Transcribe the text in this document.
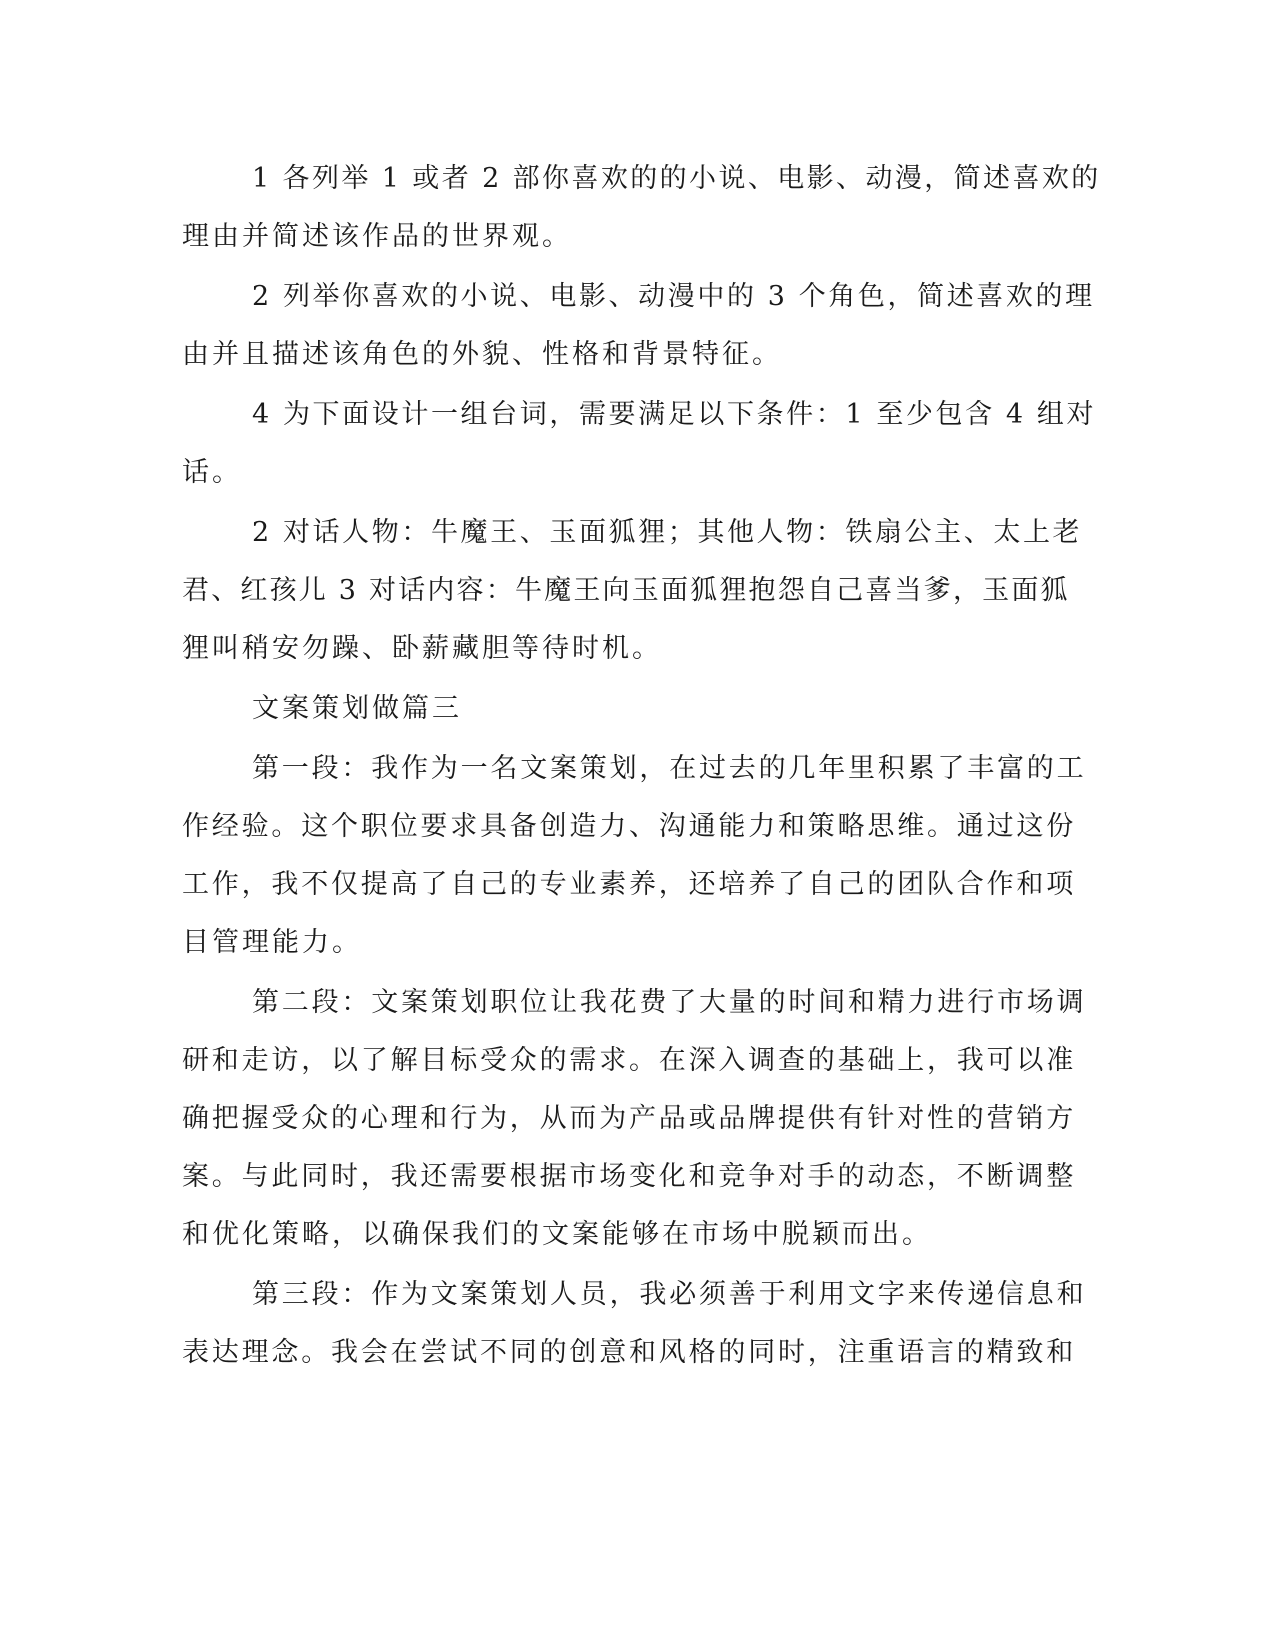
1 各列举 1 或者 2 部你喜欢的的小说、电影、动漫，简述喜欢的
理由并简述该作品的世界观。
2 列举你喜欢的小说、电影、动漫中的 3 个角色，简述喜欢的理
由并且描述该角色的外貌、性格和背景特征。
4 为下面设计一组台词，需要满足以下条件：1 至少包含 4 组对
话。
2 对话人物：牛魔王、玉面狐狸；其他人物：铁扇公主、太上老
君、红孩儿 3 对话内容：牛魔王向玉面狐狸抱怨自己喜当爹，玉面狐
狸叫稍安勿躁、卧薪藏胆等待时机。
文案策划做篇三
第一段：我作为一名文案策划，在过去的几年里积累了丰富的工
作经验。这个职位要求具备创造力、沟通能力和策略思维。通过这份
工作，我不仅提高了自己的专业素养，还培养了自己的团队合作和项
目管理能力。
第二段：文案策划职位让我花费了大量的时间和精力进行市场调
研和走访，以了解目标受众的需求。在深入调查的基础上，我可以准
确把握受众的心理和行为，从而为产品或品牌提供有针对性的营销方
案。与此同时，我还需要根据市场变化和竞争对手的动态，不断调整
和优化策略，以确保我们的文案能够在市场中脱颖而出。
第三段：作为文案策划人员，我必须善于利用文字来传递信息和
表达理念。我会在尝试不同的创意和风格的同时，注重语言的精致和
